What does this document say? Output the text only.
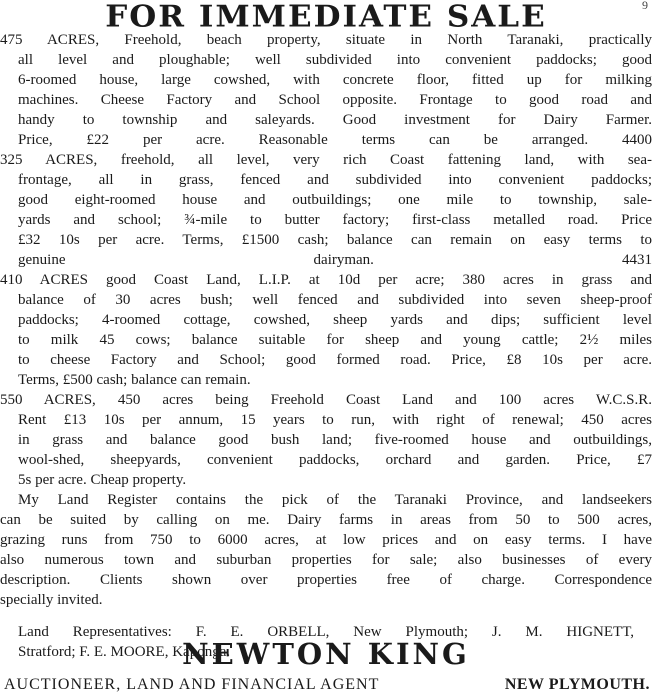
FOR IMMEDIATE SALE	9
475 ACRES, Freehold, beach property, situate in North Taranaki, practically
all level and ploughable; well subdivided into convenient paddocks; good
6-roomed house, large cowshed, with concrete floor, fitted up for milking
machines. Cheese Factory and School opposite. Frontage to good road and
handy to township and saleyards. Good investment for Dairy Farmer.
Price, £22 per acre. Reasonable terms can be arranged. 4400
325 ACRES, freehold, all level, very rich Coast fattening land, with sea-
frontage, all in grass, fenced and subdivided into convenient paddocks;
good eight-roomed house and outbuildings; one mile to township, sale-
yards and school; ¾-mile to butter factory; first-class metalled road. Price
£32 10s per acre. Terms, £1500 cash; balance can remain on easy terms to
genuine dairyman. 4431
410 ACRES good Coast Land, L.I.P. at 10d per acre; 380 acres in grass and
balance of 30 acres bush; well fenced and subdivided into seven sheep-proof
paddocks; 4-roomed cottage, cowshed, sheep yards and dips; sufficient level
to milk 45 cows; balance suitable for sheep and young cattle; 2½ miles
to cheese Factory and School; good formed road. Price, £8 10s per acre.
Terms, £500 cash; balance can remain.
550 ACRES, 450 acres being Freehold Coast Land and 100 acres W.C.S.R.
Rent £13 10s per annum, 15 years to run, with right of renewal; 450 acres
in grass and balance good bush land; five-roomed house and outbuildings,
wool-shed, sheepyards, convenient paddocks, orchard and garden. Price, £7
5s per acre. Cheap property.
My Land Register contains the pick of the Taranaki Province, and landseekers
can be suited by calling on me. Dairy farms in areas from 50 to 500 acres,
grazing runs from 750 to 6000 acres, at low prices and on easy terms. I have
also numerous town and suburban properties for sale; also businesses of every
description. Clients shown over properties free of charge. Correspondence
specially invited.
Land Representatives: F. E. ORBELL, New Plymouth; J. M. HIGNETT,
Stratford; F. E. MOORE, Kaponga.
NEWTON KING
AUCTIONEER, LAND AND FINANCIAL AGENT	NEW PLYMOUTH.
